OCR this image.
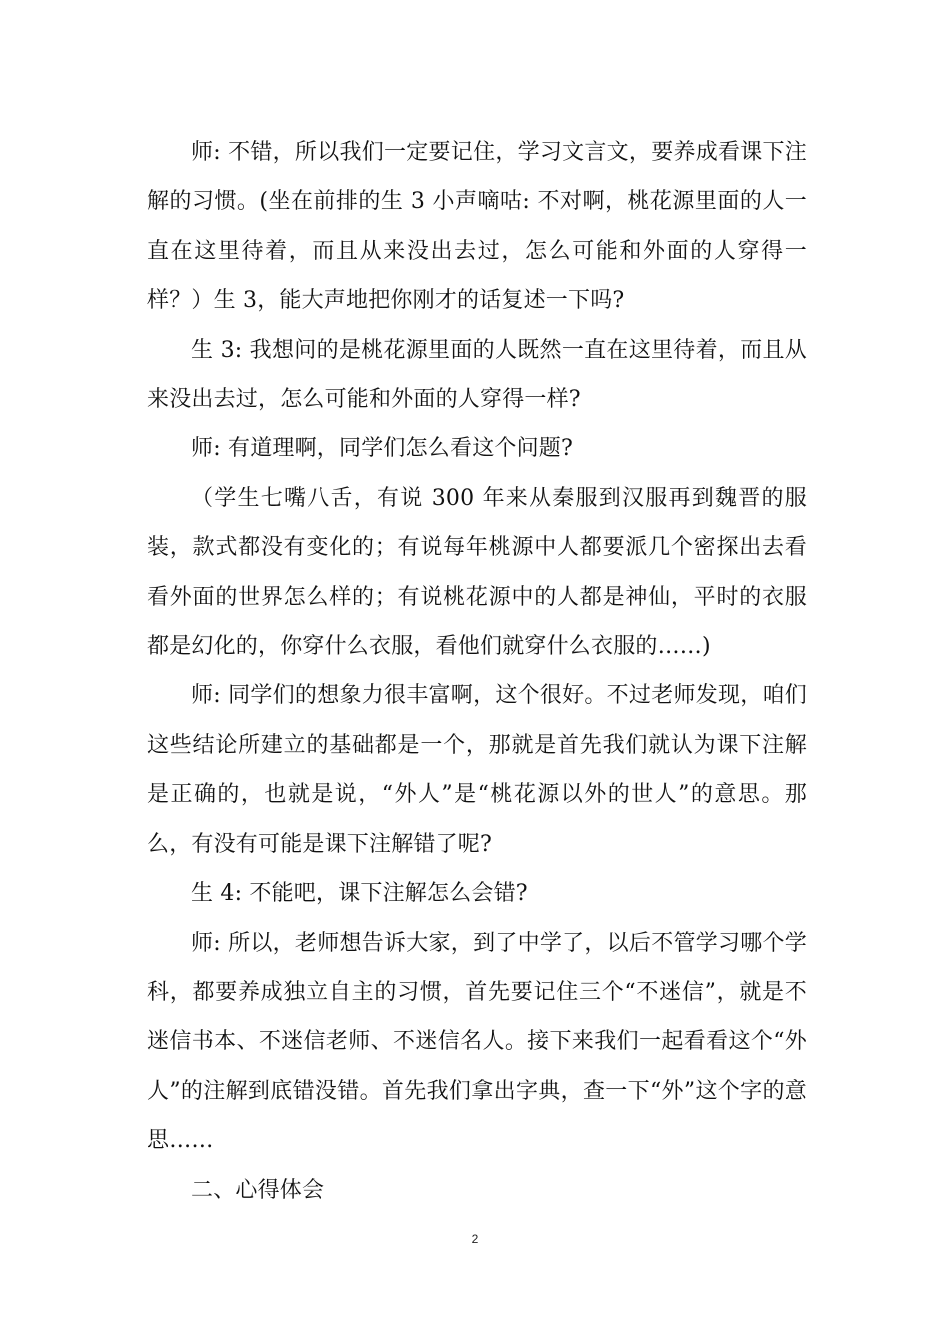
师: 不错，所以我们一定要记住，学习文言文，要养成看课下注解的习惯。(坐在前排的生 3 小声嘀咕: 不对啊，桃花源里面的人一直在这里待着，而且从来没出去过，怎么可能和外面的人穿得一样？）生 3，能大声地把你刚才的话复述一下吗?

生 3: 我想问的是桃花源里面的人既然一直在这里待着，而且从来没出去过，怎么可能和外面的人穿得一样?

师: 有道理啊，同学们怎么看这个问题?

（学生七嘴八舌，有说 300 年来从秦服到汉服再到魏晋的服装，款式都没有变化的；有说每年桃源中人都要派几个密探出去看看外面的世界怎么样的；有说桃花源中的人都是神仙，平时的衣服都是幻化的，你穿什么衣服，看他们就穿什么衣服的……)

师: 同学们的想象力很丰富啊，这个很好。不过老师发现，咱们这些结论所建立的基础都是一个，那就是首先我们就认为课下注解是正确的，也就是说，“外人”是“桃花源以外的世人”的意思。那么，有没有可能是课下注解错了呢?

生 4: 不能吧，课下注解怎么会错?

师: 所以，老师想告诉大家，到了中学了，以后不管学习哪个学科，都要养成独立自主的习惯，首先要记住三个“不迷信”，就是不迷信书本、不迷信老师、不迷信名人。接下来我们一起看看这个“外人”的注解到底错没错。首先我们拿出字典，查一下“外”这个字的意思……

二、心得体会

2
